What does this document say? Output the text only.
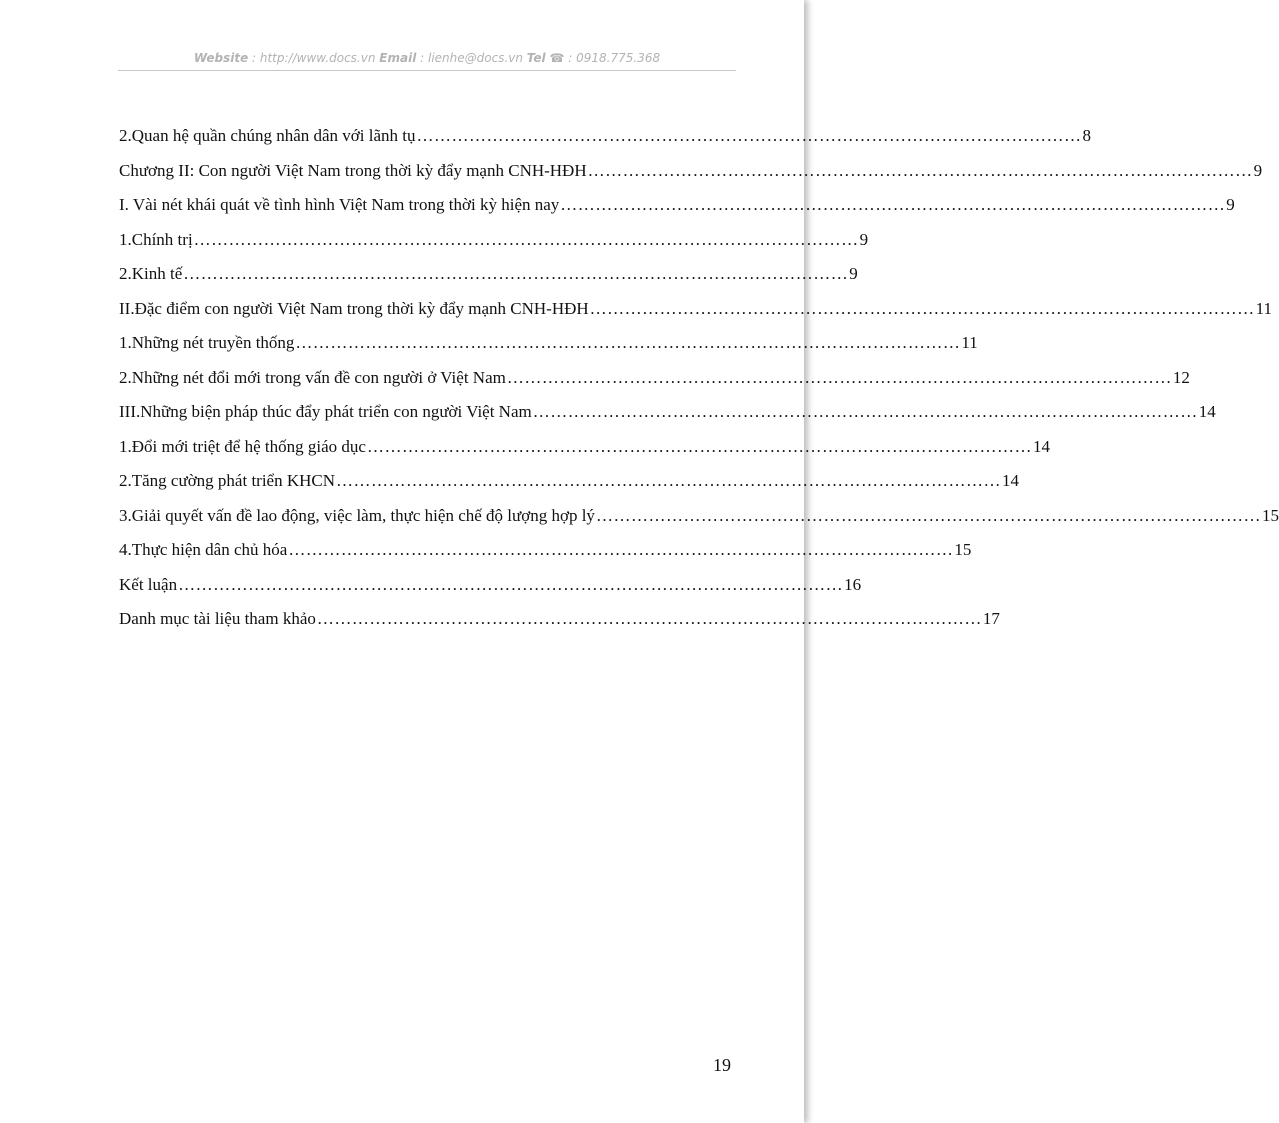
Website : http://www.docs.vn Email : lienhe@docs.vn Tel ☎ : 0918.775.368
2.Quan hệ quần chúng nhân dân với lãnh tụ …………………………………………………………………………………………………… 8
Chương II: Con người Việt Nam trong thời kỳ đẩy mạnh CNH-HĐH …………………………………………………………………………………………………… 9
I. Vài nét khái quát về tình hình Việt Nam trong thời kỳ hiện nay …………………………………………………………………………………………………… 9
1.Chính trị …………………………………………………………………………………………………… 9
2.Kinh tế …………………………………………………………………………………………………… 9
II.Đặc điểm con người Việt Nam trong thời kỳ đẩy mạnh CNH-HĐH …………………………………………………………………………………………………… 11
1.Những nét truyền thống …………………………………………………………………………………………………… 11
2.Những nét đổi mới trong vấn đề con người ở Việt Nam …………………………………………………………………………………………………… 12
III.Những biện pháp thúc đẩy phát triển con người Việt Nam …………………………………………………………………………………………………… 14
1.Đổi mới triệt để hệ thống giáo dục …………………………………………………………………………………………………… 14
2.Tăng cường phát triển KHCN …………………………………………………………………………………………………… 14
3.Giải quyết vấn đề lao động, việc làm, thực hiện chế độ lượng hợp lý …………………………………………………………………………………………………… 15
4.Thực hiện dân chủ hóa …………………………………………………………………………………………………… 15
Kết luận …………………………………………………………………………………………………… 16
Danh mục tài liệu tham khảo …………………………………………………………………………………………………… 17
19
